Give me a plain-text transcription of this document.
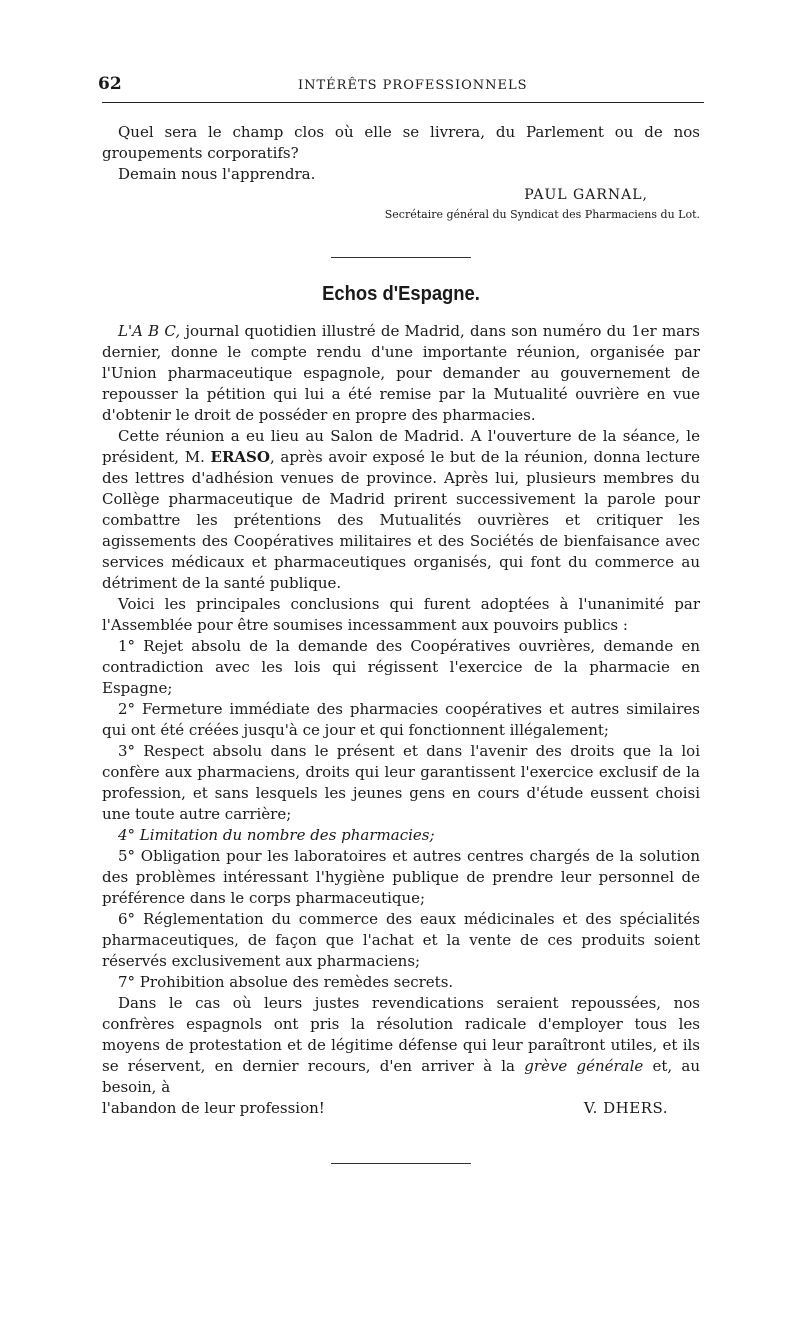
62	INTÉRÊTS PROFESSIONNELS

Quel sera le champ clos où elle se livrera, du Parlement ou de nos groupements corporatifs?

Demain nous l'apprendra.

PAUL GARNAL,
Secrétaire général du Syndicat des Pharmaciens du Lot.
Echos d'Espagne.

L'A B C, journal quotidien illustré de Madrid, dans son numéro du 1er mars dernier, donne le compte rendu d'une importante réunion, organisée par l'Union pharmaceutique espagnole, pour demander au gouvernement de repousser la pétition qui lui a été remise par la Mutualité ouvrière en vue d'obtenir le droit de posséder en propre des pharmacies.

Cette réunion a eu lieu au Salon de Madrid. A l'ouverture de la séance, le président, M. ERASO, après avoir exposé le but de la réunion, donna lecture des lettres d'adhésion venues de province. Après lui, plusieurs membres du Collège pharmaceutique de Madrid prirent successivement la parole pour combattre les prétentions des Mutualités ouvrières et critiquer les agissements des Coopératives militaires et des Sociétés de bienfaisance avec services médicaux et pharmaceutiques organisés, qui font du commerce au détriment de la santé publique.

Voici les principales conclusions qui furent adoptées à l'unanimité par l'Assemblée pour être soumises incessamment aux pouvoirs publics :

1° Rejet absolu de la demande des Coopératives ouvrières, demande en contradiction avec les lois qui régissent l'exercice de la pharmacie en Espagne;

2° Fermeture immédiate des pharmacies coopératives et autres similaires qui ont été créées jusqu'à ce jour et qui fonctionnent illégalement;

3° Respect absolu dans le présent et dans l'avenir des droits que la loi confère aux pharmaciens, droits qui leur garantissent l'exercice exclusif de la profession, et sans lesquels les jeunes gens en cours d'étude eussent choisi une toute autre carrière;

4° Limitation du nombre des pharmacies;

5° Obligation pour les laboratoires et autres centres chargés de la solution des problèmes intéressant l'hygiène publique de prendre leur personnel de préférence dans le corps pharmaceutique;

6° Réglementation du commerce des eaux médicinales et des spécialités pharmaceutiques, de façon que l'achat et la vente de ces produits soient réservés exclusivement aux pharmaciens;

7° Prohibition absolue des remèdes secrets.

Dans le cas où leurs justes revendications seraient repoussées, nos confrères espagnols ont pris la résolution radicale d'employer tous les moyens de protestation et de légitime défense qui leur paraîtront utiles, et ils se réservent, en dernier recours, d'en arriver à la grève générale et, au besoin, à

l'abandon de leur profession!	V. DHERS.
